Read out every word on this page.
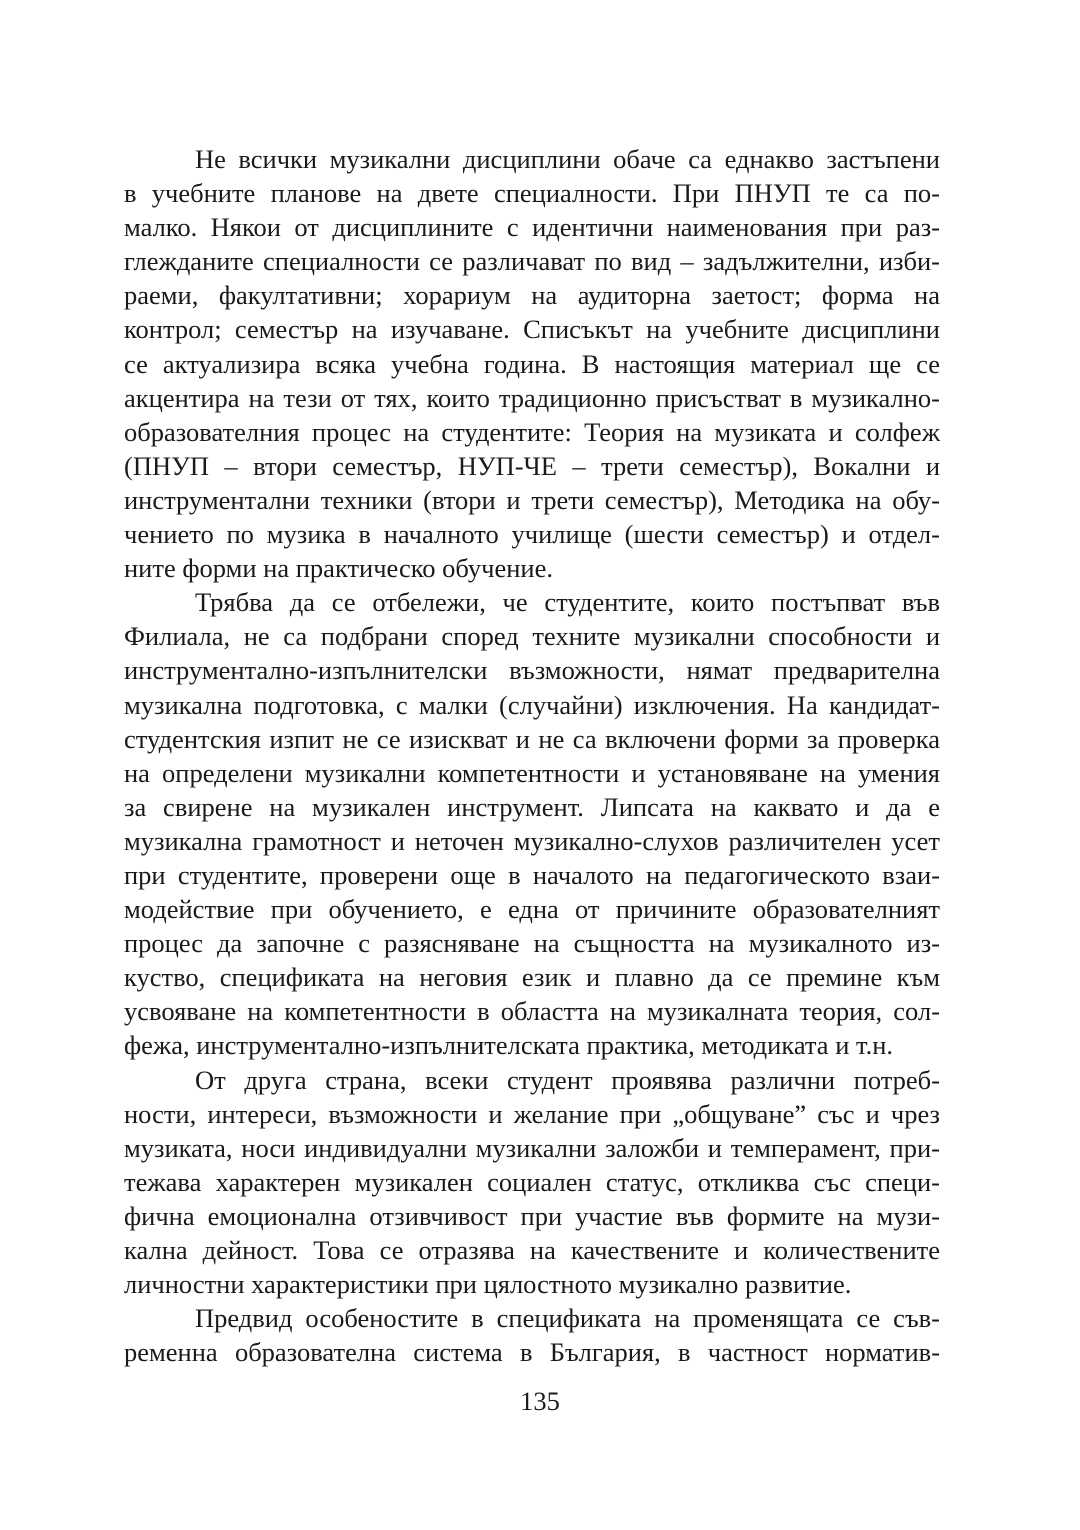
Не всички музикални дисциплини обаче са еднакво застъпени
в учебните планове на двете специалности. При ПНУП те са по-
малко. Някои от дисциплините с идентични наименования при раз-
глежданите специалности се различават по вид – задължителни, изби-
раеми, факултативни; хорариум на аудиторна заетост; форма на
контрол; семестър на изучаване. Списъкът на учебните дисциплини
се актуализира всяка учебна година. В настоящия материал ще се
акцентира на тези от тях, които традиционно присъстват в музикално-
образователния процес на студентите: Теория на музиката и солфеж
(ПНУП – втори семестър, НУП-ЧЕ – трети семестър), Вокални и
инструментални техники (втори и трети семестър), Методика на обу-
чението по музика в началното училище (шести семестър) и отдел-
ните форми на практическо обучение.
Трябва да се отбележи, че студентите, които постъпват във
Филиала, не са подбрани според техните музикални способности и
инструментално-изпълнителски възможности, нямат предварителна
музикална подготовка, с малки (случайни) изключения. На кандидат-
студентския изпит не се изискват и не са включени форми за проверка
на определени музикални компетентности и установяване на умения
за свирене на музикален инструмент. Липсата на каквато и да е
музикална грамотност и неточен музикално-слухов различителен усет
при студентите, проверени още в началото на педагогическото взаи-
модействие при обучението, е една от причините образователният
процес да започне с разясняване на същността на музикалното из-
куство, спецификата на неговия език и плавно да се премине към
усвояване на компетентности в областта на музикалната теория, сол-
фежа, инструментално-изпълнителската практика, методиката и т.н.
От друга страна, всеки студент проявява различни потреб-
ности, интереси, възможности и желание при „общуване” със и чрез
музиката, носи индивидуални музикални заложби и темперамент, при-
тежава характерен музикален социален статус, откликва със специ-
фична емоционална отзивчивост при участие във формите на музи-
кална дейност. Това се отразява на качествените и количествените
личностни характеристики при цялостното музикално развитие.
Предвид особеностите в спецификата на променящата се съв-
ременна образователна система в България, в частност норматив-
135
